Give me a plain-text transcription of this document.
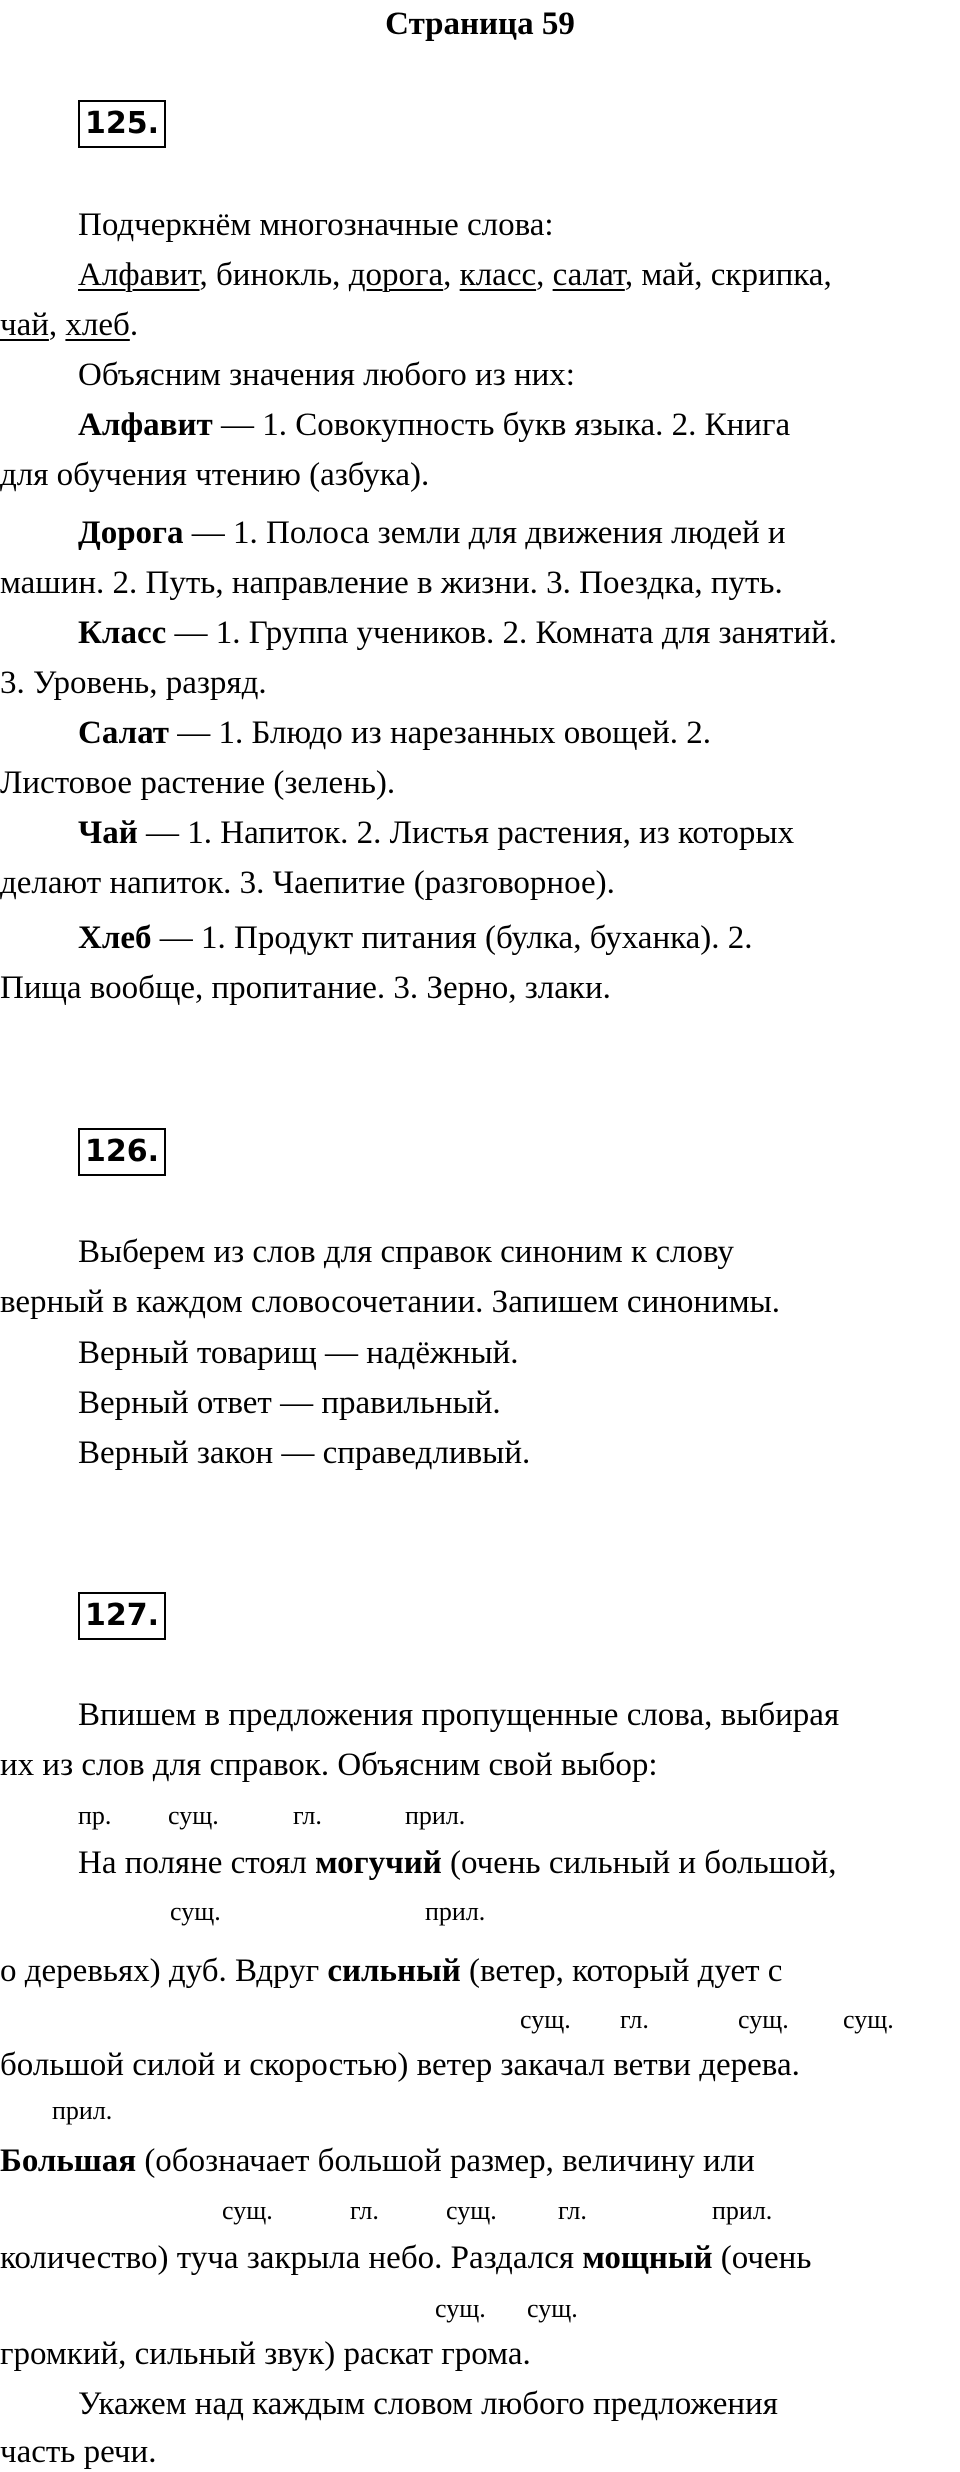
Страница 59
125.
Подчеркнём многозначные слова:
Алфавит, бинокль, дорога, класс, салат, май, скрипка,
чай, хлеб.
Объясним значения любого из них:
Алфавит — 1. Совокупность букв языка. 2. Книга
для обучения чтению (азбука).
Дорога — 1. Полоса земли для движения людей и
машин. 2. Путь, направление в жизни. 3. Поездка, путь.
Класс — 1. Группа учеников. 2. Комната для занятий.
3. Уровень, разряд.
Салат — 1. Блюдо из нарезанных овощей. 2.
Листовое растение (зелень).
Чай — 1. Напиток. 2. Листья растения, из которых
делают напиток. 3. Чаепитие (разговорное).
Хлеб — 1. Продукт питания (булка, буханка). 2.
Пища вообще, пропитание. 3. Зерно, злаки.
126.
Выберем из слов для справок синоним к слову
верный в каждом словосочетании. Запишем синонимы.
Верный товарищ — надёжный.
Верный ответ — правильный.
Верный закон — справедливый.
127.
Впишем в предложения пропущенные слова, выбирая
их из слов для справок. Объясним свой выбор:
пр. сущ.	гл.	прил.
На поляне стоял могучий (очень сильный и большой,
сущ.	прил.
о деревьях) дуб. Вдруг сильный (ветер, который дует с
сущ. гл.	сущ. сущ.
большой силой и скоростью) ветер закачал ветви дерева.
прил.
Большая (обозначает большой размер, величину или
сущ.	гл.	сущ. гл.	прил.
количество) туча закрыла небо. Раздался мощный (очень
сущ. сущ.
громкий, сильный звук) раскат грома.
Укажем над каждым словом любого предложения
часть речи.
